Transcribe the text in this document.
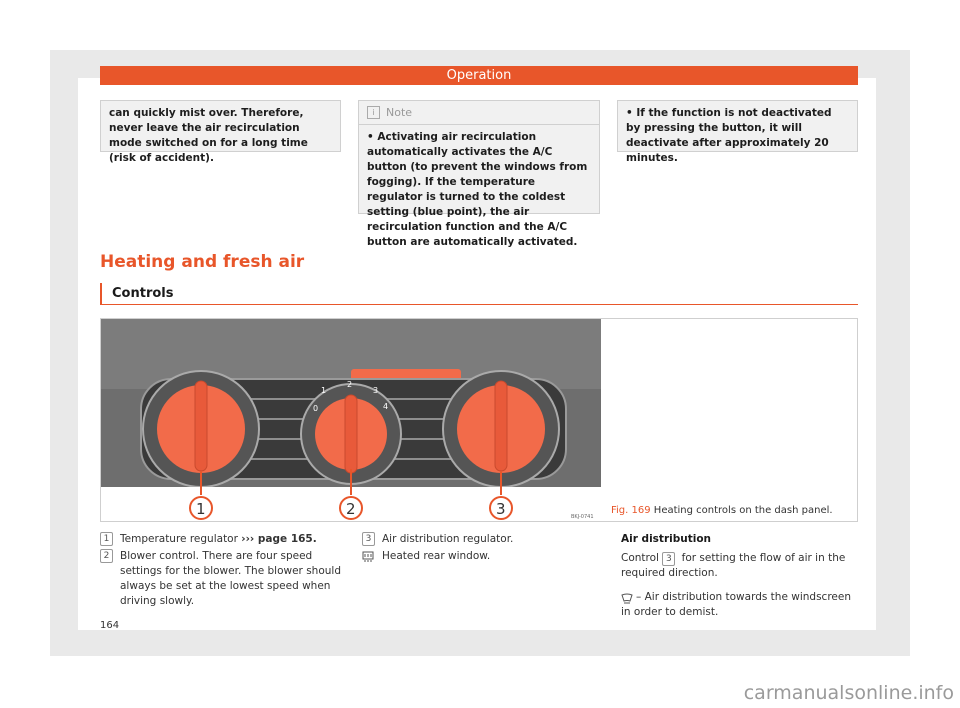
Operation
can quickly mist over. Therefore, never leave the air recirculation mode switched on for a long time (risk of accident).
i	Note
• Activating air recirculation automatically activates the A/C button (to prevent the windows from fogging). If the temperature regulator is turned to the coldest setting (blue point), the air recirculation function and the A/C button are automatically activated.
• If the function is not deactivated by pressing the button, it will deactivate after approximately 20 minutes.
Heating and fresh air
Controls
0
1
2
3
4
1	2	3	BKJ-0741
Fig. 169 Heating controls on the dash panel.
1	Temperature regulator ››› page 165.
2	Blower control. There are four speed settings for the blower. The blower should always be set at the lowest speed when driving slowly.
3	Air distribution regulator.
Heated rear window.
Air distribution
Control 3 for setting the flow of air in the required direction.
– Air distribution towards the windscreen in order to demist.
164
carmanualsonline.info
